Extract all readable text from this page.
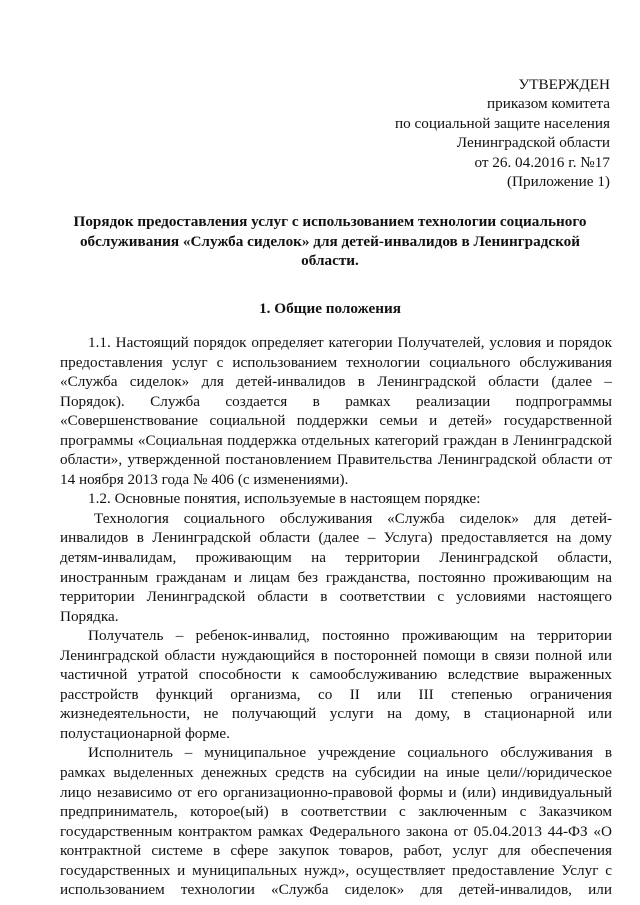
УТВЕРЖДЕН
приказом комитета
по социальной защите населения
Ленинградской области
от 26. 04.2016 г. №17
(Приложение 1)
Порядок предоставления услуг с использованием технологии социального
обслуживания «Служба сиделок» для детей-инвалидов в Ленинградской
области.
1. Общие положения
1.1. Настоящий порядок определяет категории Получателей, условия и порядок
предоставления услуг с использованием технологии социального обслуживания
«Служба сиделок» для детей-инвалидов в Ленинградской области (далее –
Порядок). Служба создается в рамках реализации подпрограммы
«Совершенствование социальной поддержки семьи и детей» государственной
программы «Социальная поддержка отдельных категорий граждан в Ленинградской
области», утвержденной постановлением Правительства Ленинградской области от
14 ноября 2013 года № 406 (с изменениями).
1.2. Основные понятия, используемые в настоящем порядке:
Технология социального обслуживания «Служба сиделок» для детей-
инвалидов в Ленинградской области (далее – Услуга) предоставляется на дому
детям-инвалидам, проживающим на территории Ленинградской области,
иностранным гражданам и лицам без гражданства, постоянно проживающим на
территории Ленинградской области в соответствии с условиями настоящего
Порядка.
Получатель – ребенок-инвалид, постоянно проживающим на территории
Ленинградской области нуждающийся в посторонней помощи в связи полной или
частичной утратой способности к самообслуживанию вследствие выраженных
расстройств функций организма, со II или III степенью ограничения
жизнедеятельности, не получающий услуги на дому, в стационарной или
полустационарной форме.
Исполнитель – муниципальное учреждение социального обслуживания в
рамках выделенных денежных средств на субсидии на иные цели//юридическое
лицо независимо от его организационно-правовой формы и (или) индивидуальный
предприниматель, которое(ый) в соответствии с заключенным с Заказчиком
государственным контрактом рамках Федерального закона от 05.04.2013 44-ФЗ «О
контрактной системе в сфере закупок товаров, работ, услуг для обеспечения
государственных и муниципальных нужд», осуществляет предоставление Услуг с
использованием технологии «Служба сиделок» для детей-инвалидов, или
